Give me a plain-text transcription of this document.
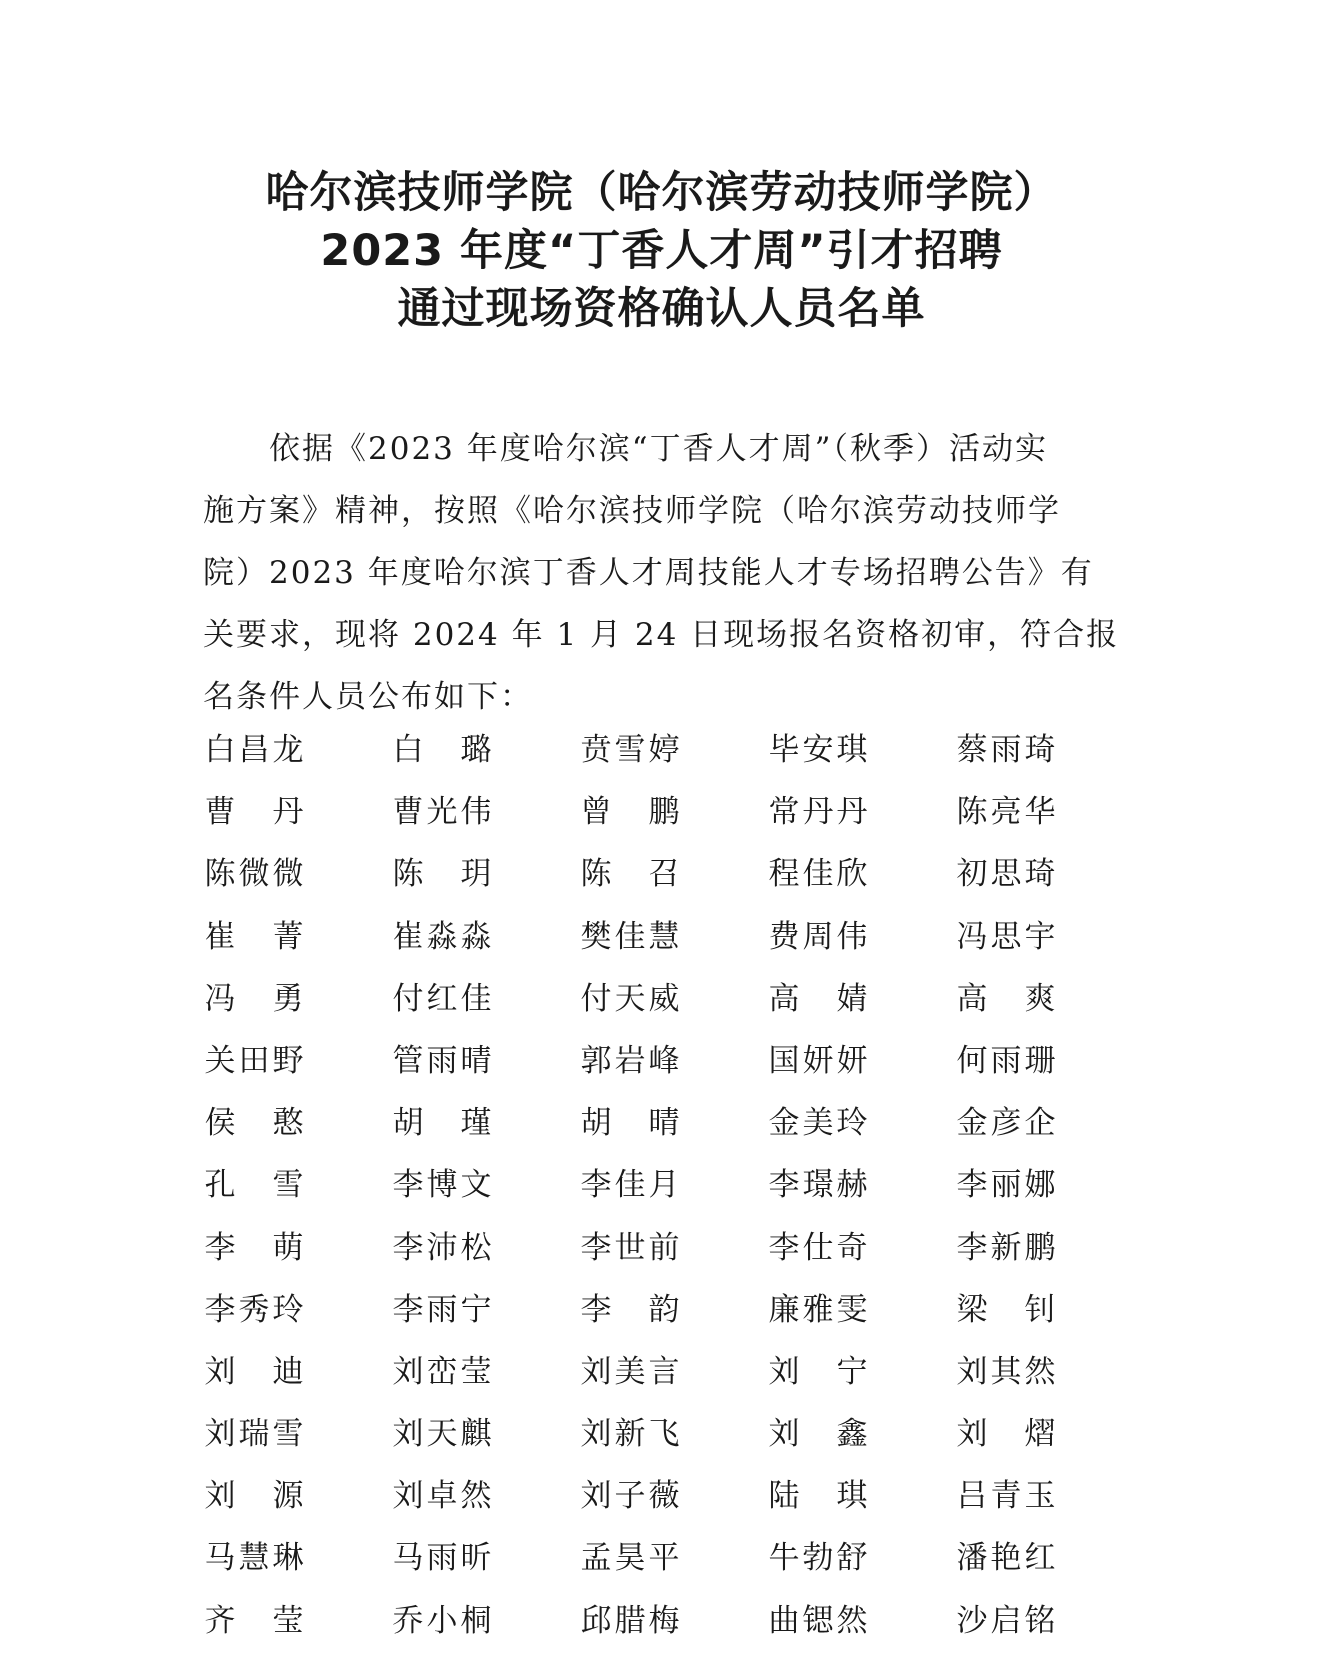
哈尔滨技师学院（哈尔滨劳动技师学院）
2023 年度“丁香人才周”引才招聘
通过现场资格确认人员名单
依据《2023 年度哈尔滨“丁香人才周”（秋季）活动实
施方案》精神，按照《哈尔滨技师学院（哈尔滨劳动技师学
院）2023 年度哈尔滨丁香人才周技能人才专场招聘公告》有
关要求，现将 2024 年 1 月 24 日现场报名资格初审，符合报
名条件人员公布如下：
白 昌 龙	白 璐	贲 雪 婷	毕 安 琪	蔡 雨 琦
曹 丹	曹 光 伟	曾 鹏	常 丹 丹	陈 亮 华
陈 微 微	陈 玥	陈 召	程 佳 欣	初 思 琦
崔 菁	崔 淼 淼	樊 佳 慧	费 周 伟	冯 思 宇
冯 勇	付 红 佳	付 天 威	高 婧	高 爽
关 田 野	管 雨 晴	郭 岩 峰	国 妍 妍	何 雨 珊
侯 憨	胡 瑾	胡 晴	金 美 玲	金 彦 企
孔 雪	李 博 文	李 佳 月	李 璟 赫	李 丽 娜
李 萌	李 沛 松	李 世 前	李 仕 奇	李 新 鹏
李 秀 玲	李 雨 宁	李 韵	廉 雅 雯	梁 钊
刘 迪	刘 峦 莹	刘 美 言	刘 宁	刘 其 然
刘 瑞 雪	刘 天 麒	刘 新 飞	刘 鑫	刘 熠
刘 源	刘 卓 然	刘 子 薇	陆 琪	吕 青 玉
马 慧 琳	马 雨 昕	孟 昊 平	牛 勃 舒	潘 艳 红
齐 莹	乔 小 桐	邱 腊 梅	曲 锶 然	沙 启 铭
